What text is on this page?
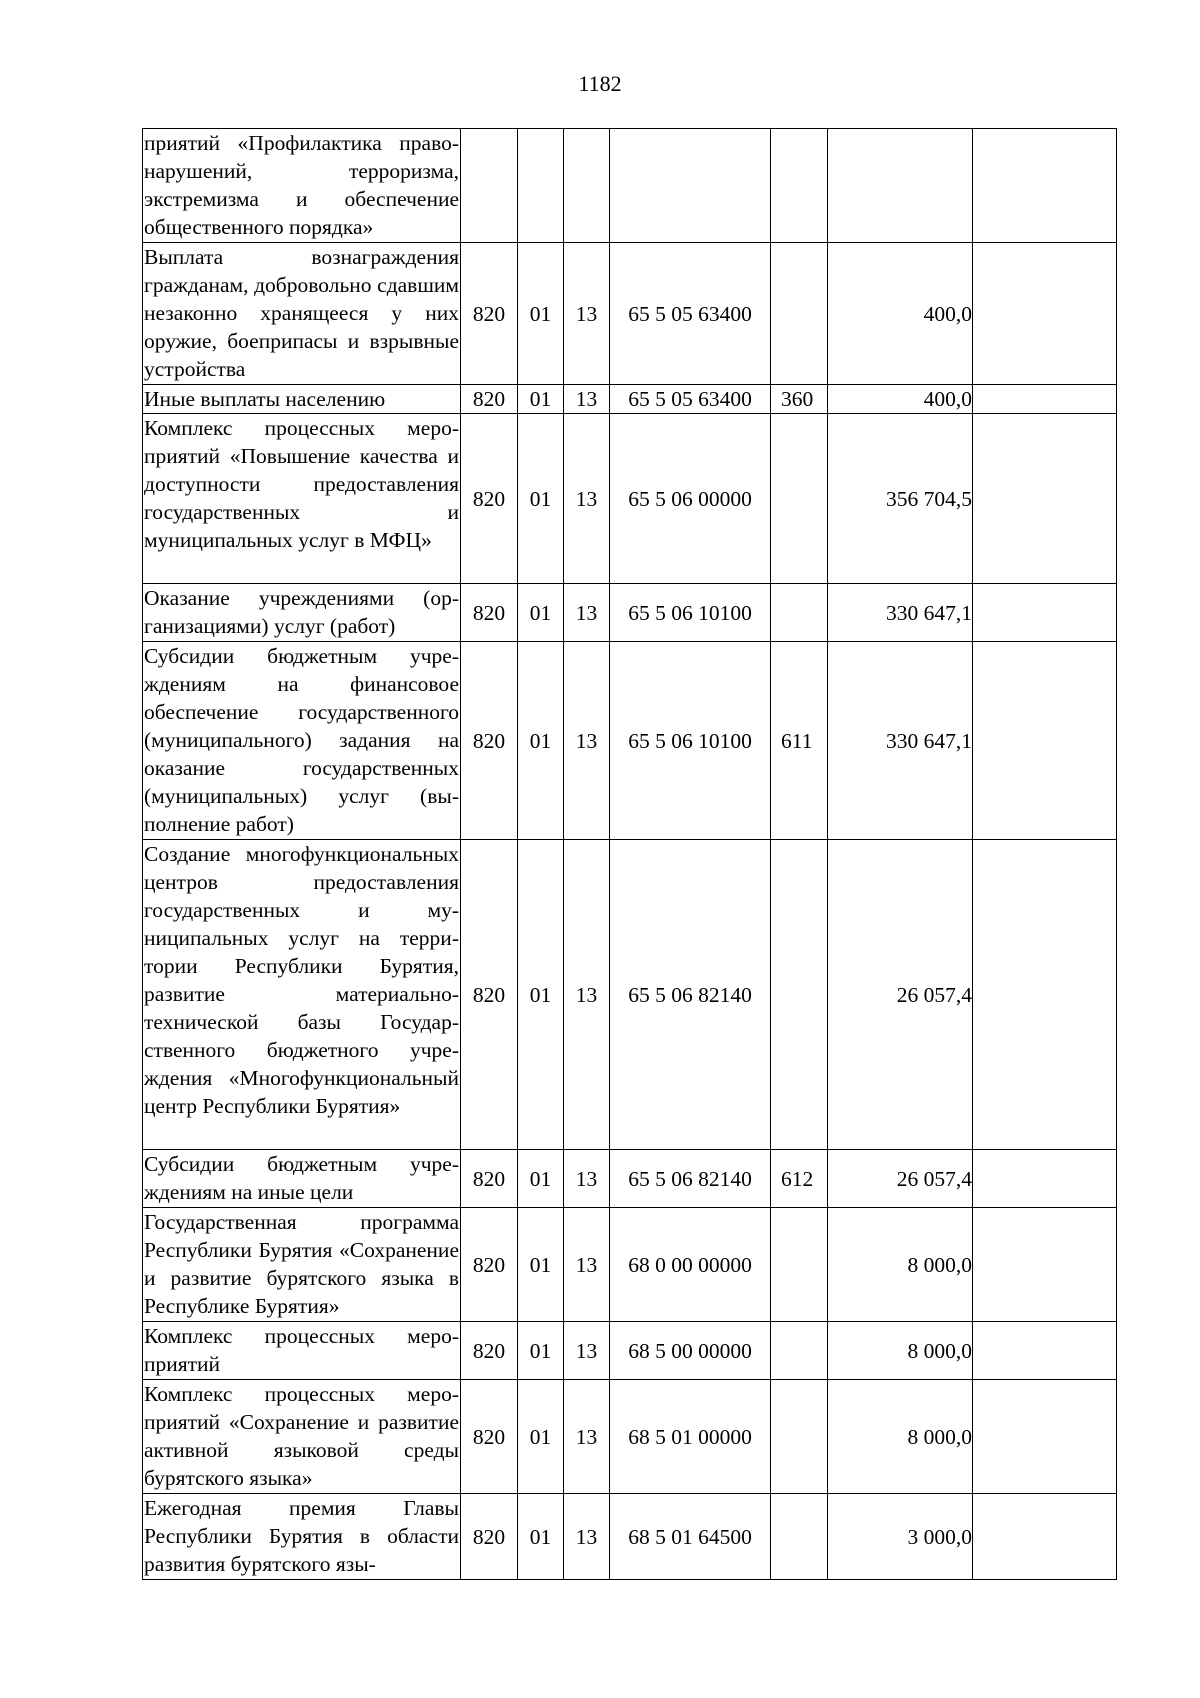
1182
приятий «Профилактика правонарушений, терроризма, экстремизма и обеспечение общественного порядка»							
Выплата вознаграждения гражданам, добровольно сдавшим незаконно хранящееся у них оружие, боеприпасы и взрывные устройства	820	01	13	65 5 05 63400		400,0	
Иные выплаты населению	820	01	13	65 5 05 63400	360	400,0	
Комплекс процессных мероприятий «Повышение качества и доступности предоставления государственных и муниципальных услуг в МФЦ»	820	01	13	65 5 06 00000		356 704,5	
Оказание учреждениями (организациями) услуг (работ)	820	01	13	65 5 06 10100		330 647,1	
Субсидии бюджетным учреждениям на финансовое обеспечение государственного (муниципального) задания на оказание государственных (муниципальных) услуг (выполнение работ)	820	01	13	65 5 06 10100	611	330 647,1	
Создание многофункциональных центров предоставления государственных и муниципальных услуг на территории Республики Бурятия, развитие материально-технической базы Государственного бюджетного учреждения «Многофункциональный центр Республики Бурятия»	820	01	13	65 5 06 82140		26 057,4	
Субсидии бюджетным учреждениям на иные цели	820	01	13	65 5 06 82140	612	26 057,4	
Государственная программа Республики Бурятия «Сохранение и развитие бурятского языка в Республике Бурятия»	820	01	13	68 0 00 00000		8 000,0	
Комплекс процессных мероприятий	820	01	13	68 5 00 00000		8 000,0	
Комплекс процессных мероприятий «Сохранение и развитие активной языковой среды бурятского языка»	820	01	13	68 5 01 00000		8 000,0	
Ежегодная премия Главы Республики Бурятия в области развития бурятского язы-	820	01	13	68 5 01 64500		3 000,0	
